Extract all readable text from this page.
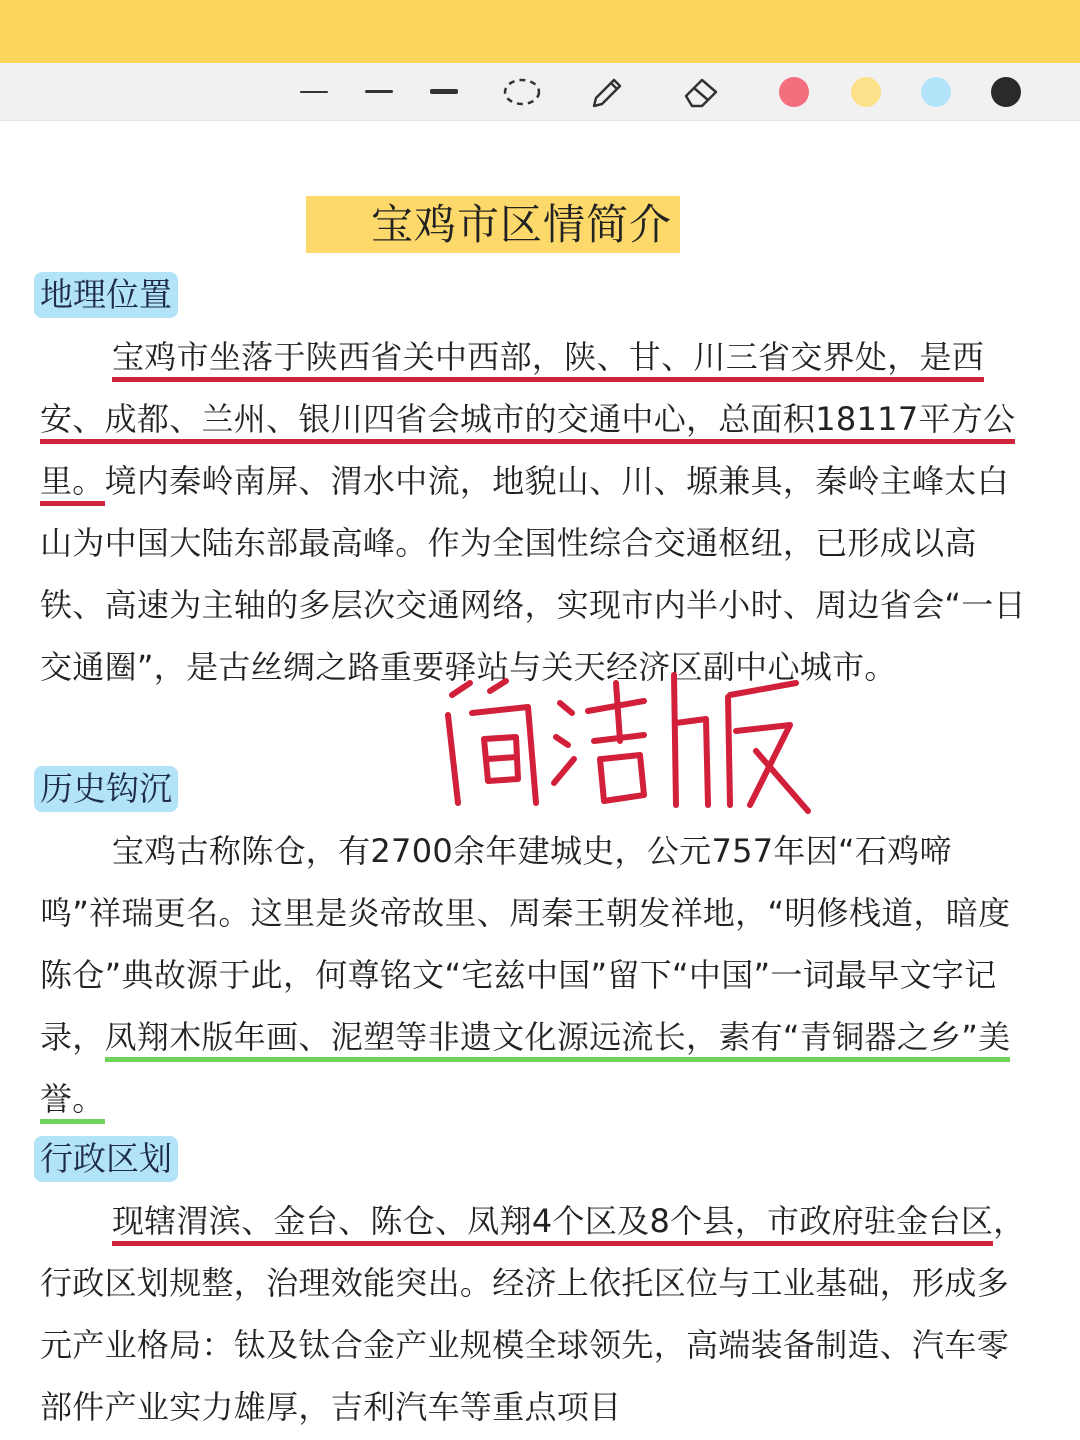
宝鸡市区情简介
地理位置
宝鸡市坐落于陕西省关中西部，陕、甘、川三省交界处，是西安、成都、兰州、银川四省会城市的交通中心，总面积18117平方公里。境内秦岭南屏、渭水中流，地貌山、川、塬兼具，秦岭主峰太白山为中国大陆东部最高峰。作为全国性综合交通枢纽，已形成以高铁、高速为主轴的多层次交通网络，实现市内半小时、周边省会“一日交通圈”，是古丝绸之路重要驿站与关天经济区副中心城市。
历史钩沉
宝鸡古称陈仓，有2700余年建城史，公元757年因“石鸡啼鸣”祥瑞更名。这里是炎帝故里、周秦王朝发祥地，“明修栈道，暗度陈仓”典故源于此，何尊铭文“宅兹中国”留下“中国”一词最早文字记录，凤翔木版年画、泥塑等非遗文化源远流长，素有“青铜器之乡”美誉。
行政区划
现辖渭滨、金台、陈仓、凤翔4个区及8个县，市政府驻金台区，行政区划规整，治理效能突出。经济上依托区位与工业基础，形成多元产业格局：钛及钛合金产业规模全球领先，高端装备制造、汽车零部件产业实力雄厚，吉利汽车等重点项目
